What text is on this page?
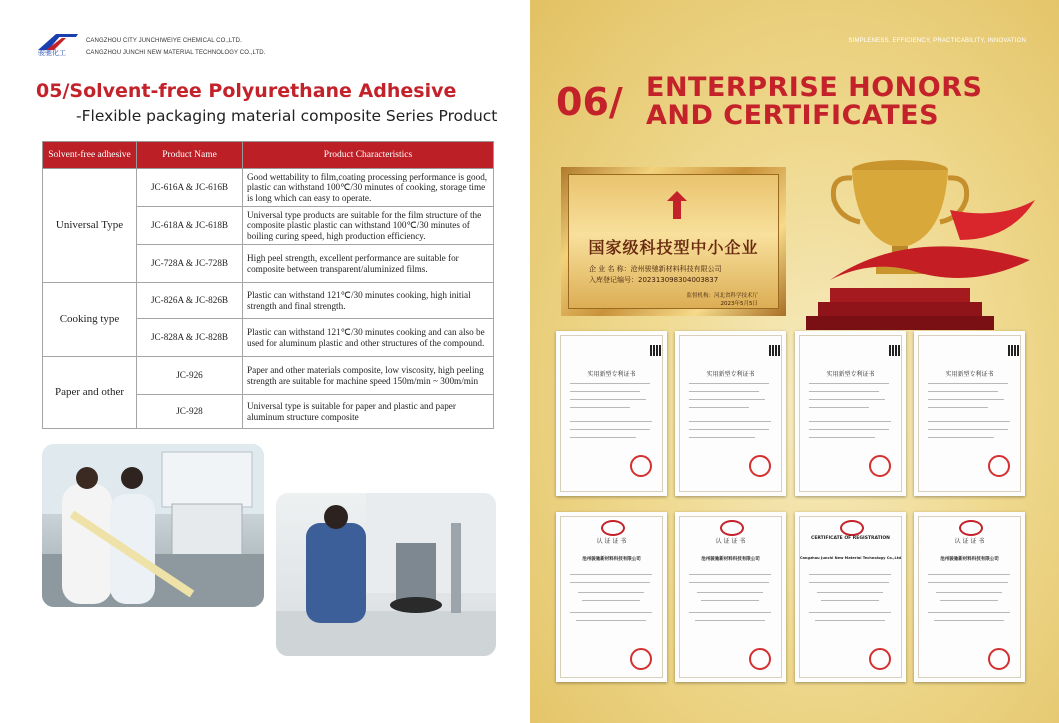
骏驰化工
CANGZHOU CITY JUNCHIWEIYE CHEMICAL CO.,LTD.
CANGZHOU JUNCHI NEW MATERIAL TECHNOLOGY CO.,LTD.
05/Solvent-free Polyurethane Adhesive
-Flexible packaging material composite Series Product
Solvent-free adhesive	Product Name	Product Characteristics
Universal Type	JC-616A & JC-616B	Good wettability to film,coating processing performance is good, plastic can withstand 100℃/30 minutes of cooking, storage time is long which can easy to operate.
	JC-618A & JC-618B	Universal type products are suitable for the film structure of the composite plastic plastic can withstand 100℃/30 minutes of boiling curing speed, high production efficiency.
	JC-728A & JC-728B	High peel strength, excellent performance are suitable for composite between transparent/aluminized films.
Cooking type	JC-826A & JC-826B	Plastic can withstand 121℃/30 minutes cooking, high initial strength and final strength.
	JC-828A & JC-828B	Plastic can withstand 121℃/30 minutes cooking and can also be used for aluminum plastic and other structures of the compound.
Paper and other	JC-926	Paper and other materials composite, low viscosity, high peeling strength are suitable for machine speed 150m/min ~ 300m/min
	JC-928	Universal type is suitable for paper and plastic and paper aluminum structure composite
SIMPLENESS, EFFICIENCY, PRACTICABILITY, INNOVATION
06/ ENTERPRISE HONORS
AND CERTIFICATES
国家级科技型中小企业
企 业 名 称：沧州骏驰新材料科技有限公司
入库登记编号：202313098304003837
监督机构：河北省科学技术厅
2023年5月5日
实用新型专利证书	实用新型专利证书	实用新型专利证书	实用新型专利证书
认 证 证 书
沧州骏驰新材料科技有限公司
认 证 证 书
沧州骏驰新材料科技有限公司
CERTIFICATE OF REGISTRATION
Cangzhou Junchi New Material Technology Co.,Ltd
认 证 证 书
沧州骏驰新材料科技有限公司
